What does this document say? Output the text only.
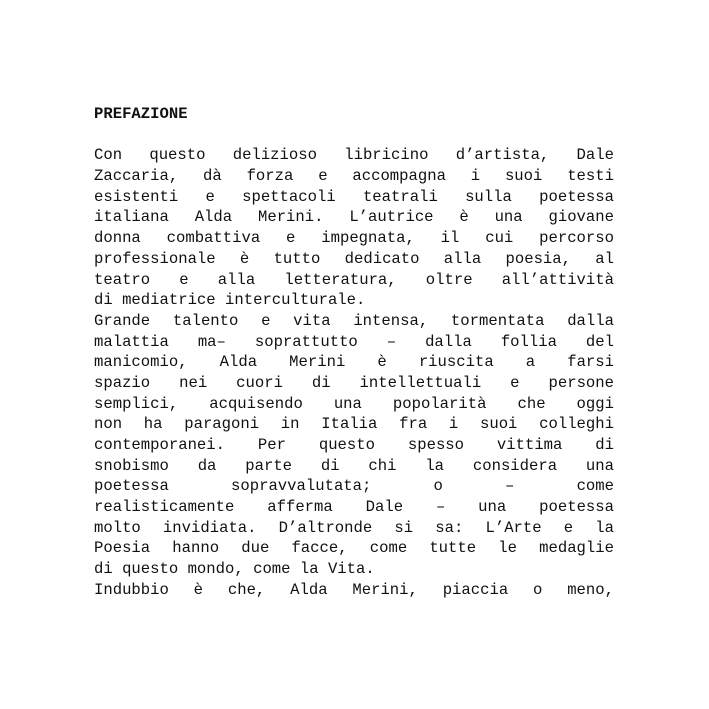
PREFAZIONE
Con questo delizioso libricino d’artista, Dale
Zaccaria, dà forza e accompagna i suoi testi
esistenti e spettacoli teatrali sulla poetessa
italiana Alda Merini. L’autrice è una giovane
donna combattiva e impegnata, il cui percorso
professionale è tutto dedicato alla poesia, al
teatro e alla letteratura, oltre all’attività
di mediatrice interculturale.
Grande talento e vita intensa, tormentata dalla
malattia ma– soprattutto – dalla follia del
manicomio, Alda Merini è riuscita a farsi
spazio nei cuori di intellettuali e persone
semplici, acquisendo una popolarità che oggi
non ha paragoni in Italia fra i suoi colleghi
contemporanei. Per questo spesso vittima di
snobismo da parte di chi la considera una
poetessa sopravvalutata; o – come
realisticamente afferma Dale – una poetessa
molto invidiata. D’altronde si sa: L’Arte e la
Poesia hanno due facce, come tutte le medaglie
di questo mondo, come la Vita.
Indubbio è che, Alda Merini, piaccia o meno,
